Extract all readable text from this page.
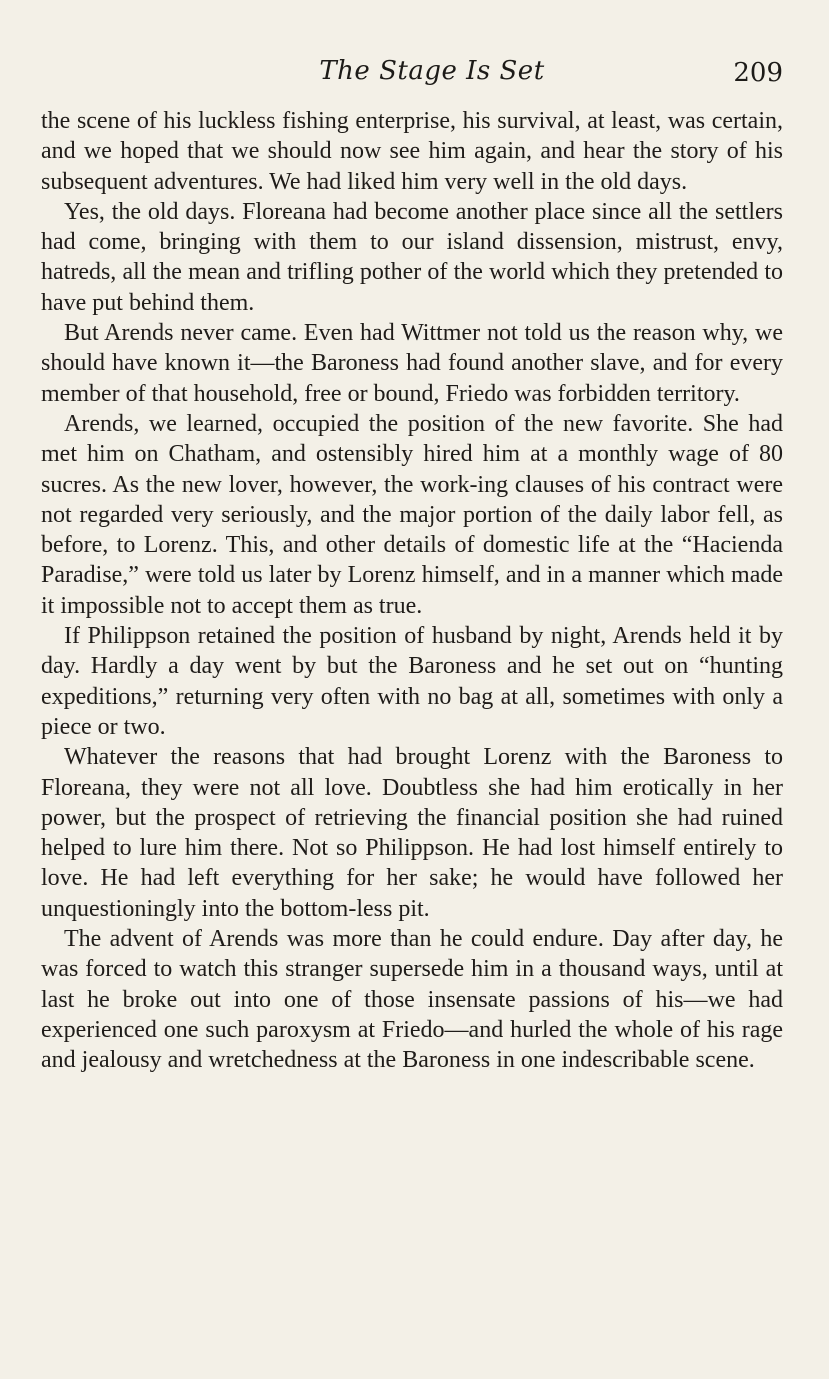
The Stage Is Set	209

the scene of his luckless fishing enterprise, his survival, at least, was certain, and we hoped that we should now see him again, and hear the story of his subsequent adventures. We had liked him very well in the old days.

Yes, the old days. Floreana had become another place since all the settlers had come, bringing with them to our island dissension, mistrust, envy, hatreds, all the mean and trifling pother of the world which they pretended to have put behind them.

But Arends never came. Even had Wittmer not told us the reason why, we should have known it—the Baroness had found another slave, and for every member of that household, free or bound, Friedo was forbidden territory.

Arends, we learned, occupied the position of the new favorite. She had met him on Chatham, and ostensibly hired him at a monthly wage of 80 sucres. As the new lover, however, the work-ing clauses of his contract were not regarded very seriously, and the major portion of the daily labor fell, as before, to Lorenz. This, and other details of domestic life at the “Hacienda Paradise,” were told us later by Lorenz himself, and in a manner which made it impossible not to accept them as true.

If Philippson retained the position of husband by night, Arends held it by day. Hardly a day went by but the Baroness and he set out on “hunting expeditions,” returning very often with no bag at all, sometimes with only a piece or two.

Whatever the reasons that had brought Lorenz with the Baroness to Floreana, they were not all love. Doubtless she had him erotically in her power, but the prospect of retrieving the financial position she had ruined helped to lure him there. Not so Philippson. He had lost himself entirely to love. He had left everything for her sake; he would have followed her unquestioningly into the bottom-less pit.

The advent of Arends was more than he could endure. Day after day, he was forced to watch this stranger supersede him in a thousand ways, until at last he broke out into one of those insensate passions of his—we had experienced one such paroxysm at Friedo—and hurled the whole of his rage and jealousy and wretchedness at the Baroness in one indescribable scene.
